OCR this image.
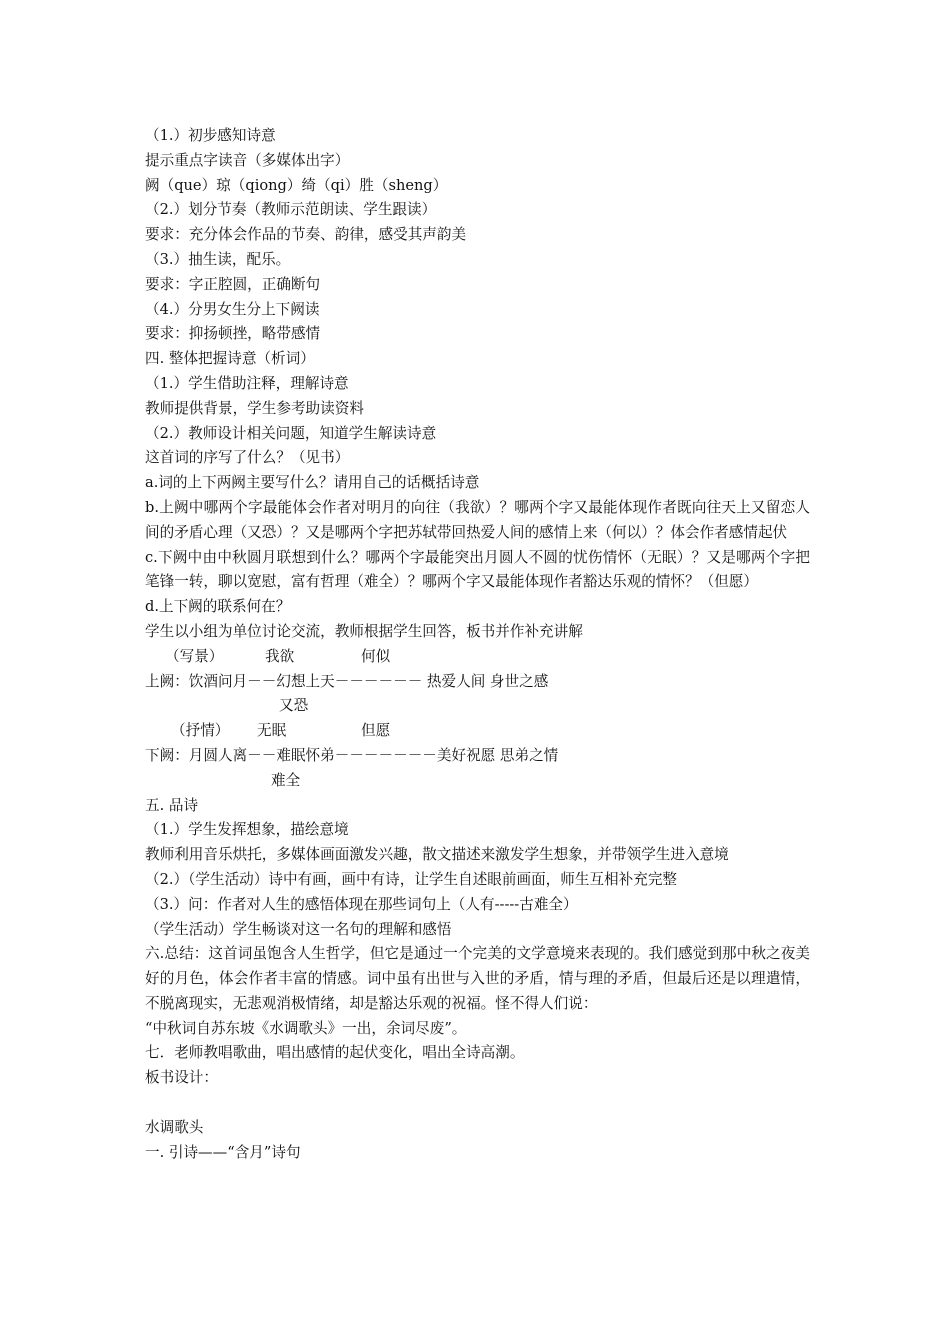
（1.）初步感知诗意
提示重点字读音（多媒体出字）
阙（que）琼（qiong）绮（qi）胜（sheng）
（2.）划分节奏（教师示范朗读、学生跟读）
要求：充分体会作品的节奏、韵律，感受其声韵美
（3.）抽生读，配乐。
要求：字正腔圆，正确断句
（4.）分男女生分上下阙读
要求：抑扬顿挫，略带感情
四. 整体把握诗意（析词）
（1.）学生借助注释，理解诗意
教师提供背景，学生参考助读资料
（2.）教师设计相关问题，知道学生解读诗意
这首词的序写了什么？（见书）
a.词的上下两阙主要写什么？请用自己的话概括诗意
b.上阙中哪两个字最能体会作者对明月的向往（我欲）？哪两个字又最能体现作者既向往天上又留恋人间的矛盾心理（又恐）？又是哪两个字把苏轼带回热爱人间的感情上来（何以）？体会作者感情起伏
c.下阙中由中秋圆月联想到什么？哪两个字最能突出月圆人不圆的忧伤情怀（无眠）？又是哪两个字把笔锋一转，聊以宽慰，富有哲理（难全）？哪两个字又最能体现作者豁达乐观的情怀？（但愿）
d.上下阙的联系何在？
学生以小组为单位讨论交流，教师根据学生回答，板书并作补充讲解
（写景）	我欲	何似
上阙：饮酒问月－－幻想上天－－－－－－ 热爱人间 身世之感
又恐
（抒情） 无眠	但愿
下阙：月圆人离－－难眠怀弟－－－－－－－美好祝愿 思弟之情
难全
五. 品诗
（1.）学生发挥想象，描绘意境
教师利用音乐烘托，多媒体画面激发兴趣，散文描述来激发学生想象，并带领学生进入意境
（2.）（学生活动）诗中有画，画中有诗，让学生自述眼前画面，师生互相补充完整
（3.）问：作者对人生的感悟体现在那些词句上（人有-----古难全）
（学生活动）学生畅谈对这一名句的理解和感悟
六.总结：这首词虽饱含人生哲学，但它是通过一个完美的文学意境来表现的。我们感觉到那中秋之夜美好的月色，体会作者丰富的情感。词中虽有出世与入世的矛盾，情与理的矛盾，但最后还是以理遣情，不脱离现实，无悲观消极情绪，却是豁达乐观的祝福。怪不得人们说：
“中秋词自苏东坡《水调歌头》一出，余词尽废”。
七．老师教唱歌曲，唱出感情的起伏变化，唱出全诗高潮。
板书设计：
水调歌头
一. 引诗——“含月”诗句
